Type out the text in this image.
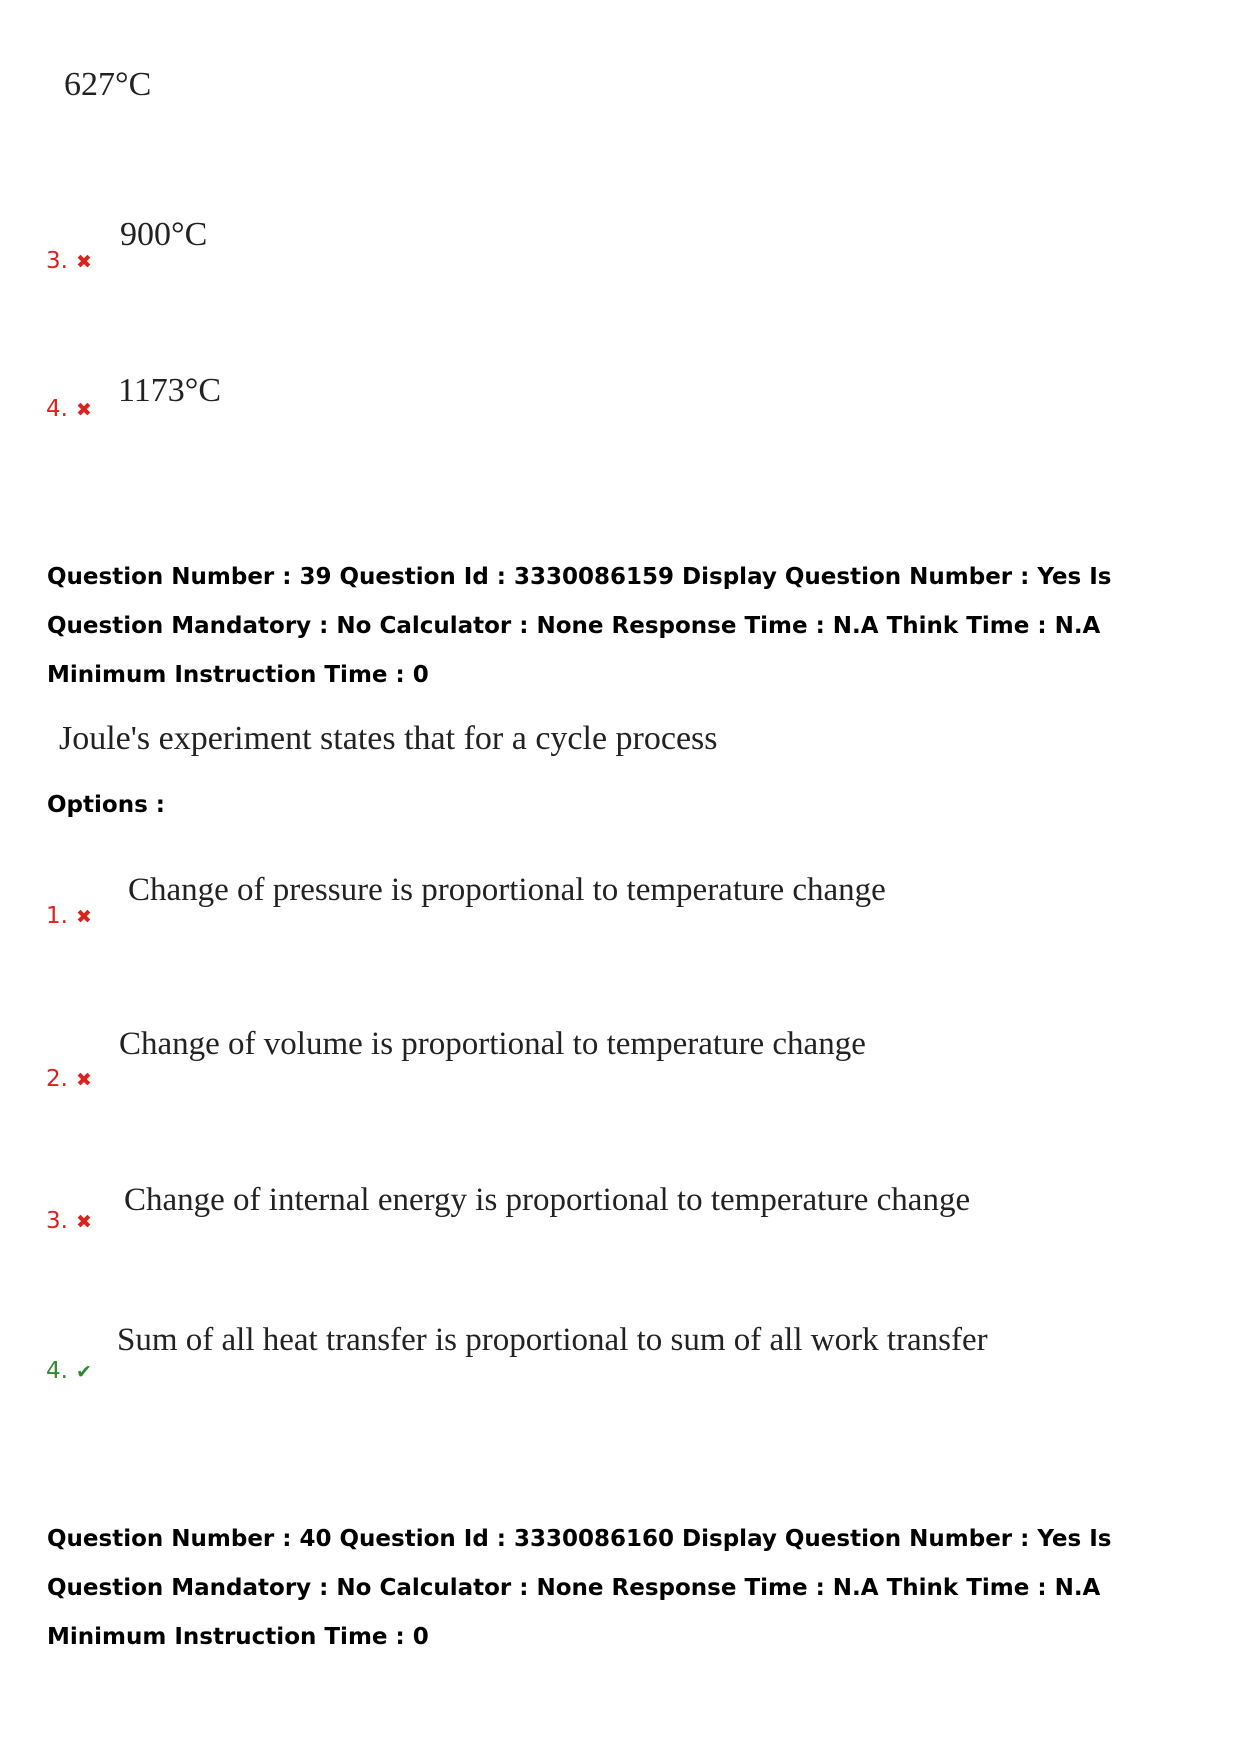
627°C
3. ✖
900°C
4. ✖
1173°C

Question Number : 39 Question Id : 3330086159 Display Question Number : Yes Is Question Mandatory : No Calculator : None Response Time : N.A Think Time : N.A Minimum Instruction Time : 0

Joule's experiment states that for a cycle process
Options :
1. ✖
Change of pressure is proportional to temperature change
2. ✖
Change of volume is proportional to temperature change
3. ✖
Change of internal energy is proportional to temperature change
4. ✔
Sum of all heat transfer is proportional to sum of all work transfer

Question Number : 40 Question Id : 3330086160 Display Question Number : Yes Is Question Mandatory : No Calculator : None Response Time : N.A Think Time : N.A Minimum Instruction Time : 0
